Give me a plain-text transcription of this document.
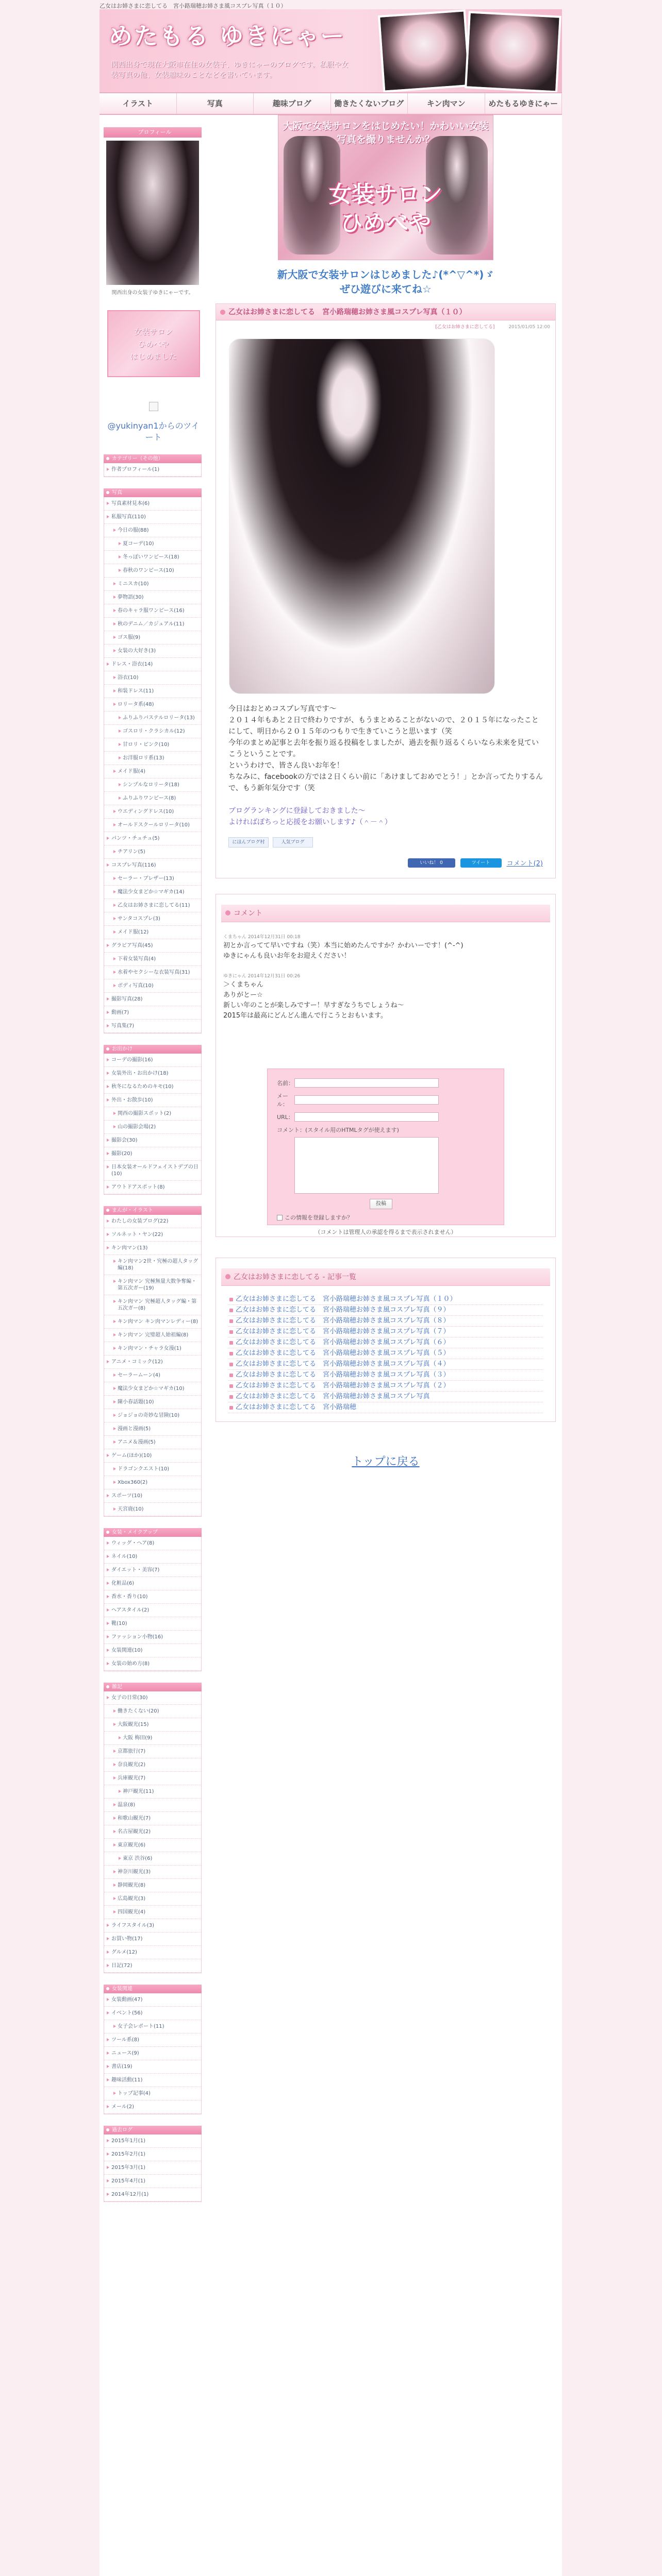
乙女はお姉さまに恋してる　宮小路瑞穂お姉さま風コスプレ写真（１０）
めたもる ゆきにゃー
関西出身で現在大阪市在住の女装子、ゆきにゃーのブログです。私服や女装写真の他、女装趣味のことなどを書いています。
イラスト	写真	趣味ブログ	働きたくないブログ	キン肉マン	めたもるゆきにゃー
プロフィール
関西出身の女装子ゆきにゃーです。
女装サロン
ひめべや
はじめました
@yukinyan1からのツイート
カテゴリー（その他）
作者プロフィール(1)
写真
写真素材見本(6)
私服写真(110)
今日の服(88)
夏コーデ(10)
冬っぽいワンピース(18)
春秋のワンピース(10)
ミニスカ(10)
夢物語(30)
春のキャラ服ワンピース(16)
秋のデニム／カジュアル(11)
ゴス服(9)
女装の大好き(3)
ドレス・浴衣(14)
浴衣(10)
和装ドレス(11)
ロリータ系(48)
ふりふりパステルロリータ(13)
ゴスロリ・クラシカル(12)
甘ロリ・ピンク(10)
お洋服ロリ系(13)
メイド服(4)
シンプルなロリータ(18)
ふりふりワンピース(8)
ウエディングドレス(10)
オールドスクールロリータ(10)
パンツ・チュチュ(5)
チアリン(5)
コスプレ写真(116)
セーラー・ブレザー(13)
魔法少女まどか☆マギカ(14)
乙女はお姉さまに恋してる(11)
サンタコスプレ(3)
メイド服(12)
グラビア写真(45)
下着女装写真(4)
水着やセクシーな衣装写真(31)
ボディ写真(10)
撮影写真(28)
動画(7)
写真集(7)
お出かけ
コーデの撮影(16)
女装外出・お出かけ(18)
秋冬になるためのキモ(10)
外出・お散歩(10)
関西の撮影スポット(2)
山の撮影会場(2)
撮影会(30)
撮影(20)
日本女装オールドフェイストデブの日(10)
アウトドアスポット(8)
まんが・イラスト
わたしの女装ブログ(22)
ソルネット・ヤン(22)
キン肉マン(13)
キン肉マン2世・究極の超人タッグ編(18)
キン肉マン 究極無量大数争奪編・第五次ガー(19)
キン肉マン 究極超人タッグ編・第五次ガー(8)
キン肉マン キン肉マンレディー(8)
キン肉マン 完璧超人始祖編(8)
キン肉マン・チャラ女漫(1)
アニメ・コミック(12)
セーラームーン(4)
魔法少女まどか☆マギカ(10)
陳小春話題(10)
ジョジョの奇妙な冒険(10)
漫画と漫画(5)
アニメ＆漫画(5)
ゲーム(ほか)(10)
ドラゴンクエスト(10)
Xbox360(2)
スポーツ(10)
天宮鹿(10)
女装・メイクアップ
ウィッグ・ヘア(8)
ネイル(10)
ダイエット・美容(7)
化粧品(6)
香水・香り(10)
ヘアスタイル(2)
靴(10)
ファッション小物(16)
女装関連(10)
女装の始め方(8)
雑記
女子の日常(30)
働きたくない(20)
大阪観光(15)
大阪 梅田(9)
京都旅行(7)
奈良観光(2)
兵庫観光(7)
神戸観光(11)
温泉(8)
和歌山観光(7)
名古屋観光(2)
東京観光(6)
東京 渋谷(6)
神奈川観光(3)
静岡観光(8)
広島観光(3)
四国観光(4)
ライフスタイル(3)
お買い物(17)
グルメ(12)
日記(72)
女装関連
女装動画(47)
イベント(56)
女子会レポート(11)
ツール系(8)
ニュース(9)
書店(19)
趣味活動(11)
トップ記事(4)
メール(2)
過去ログ
2015年1月(1)
2015年2月(1)
2015年3月(1)
2015年4月(1)
2014年12月(1)
大阪で女装サロンをはじめたい！かわいい女装写真を撮りませんか？
女装サロン
ひめべや
新大阪で女装サロンはじめました♪(*^▽^*)ゞ
ぜひ遊びに来てね☆
乙女はお姉さまに恋してる　宮小路瑞穂お姉さま風コスプレ写真（１０）
[乙女はお姉さまに恋してる]	2015/01/05 12:00

今日はおとめコスプレ写真です～

２０１４年もあと２日で終わりですが、もうまとめることがないので、２０１５年になったことにして、明日から２０１５年のつもりで生きていこうと思います（笑

今年のまとめ記事と去年を振り返る投稿をしましたが、過去を振り返るくらいなら未来を見ていこうということです。

というわけで、皆さん良いお年を！

ちなみに、facebookの方では２日くらい前に「あけましておめでとう！」とか言ってたりするんで、もう新年気分です（笑

ブログランキングに登録しておきました～

よければぽちっと応援をお願いします♪（＾－＾）

にほんブログ村	人気ブログ
いいね！ 0	ツイート	コメント(2)
コメント
くまちゃん 2014年12月31日 00:18
初とか言ってて早いですね（笑）本当に始めたんですか？かわいーです！(^-^)
ゆきにゃんも良いお年をお迎えください！
ゆきにゃん 2014年12月31日 00:26
＞くまちゃん
ありがとー☆
新しい年のことが楽しみですー！早すぎなうちでしょうね～
2015年は最高にどんどん進んで行こうとおもいます。
名前：
メール：
URL：
コメント：(スタイル用のHTMLタグが使えます)
投稿
この情報を登録しますか？
（コメントは管理人の承認を得るまで表示されません）
乙女はお姉さまに恋してる - 記事一覧
乙女はお姉さまに恋してる　宮小路瑞穂お姉さま風コスプレ写真（１０）
乙女はお姉さまに恋してる　宮小路瑞穂お姉さま風コスプレ写真（９）
乙女はお姉さまに恋してる　宮小路瑞穂お姉さま風コスプレ写真（８）
乙女はお姉さまに恋してる　宮小路瑞穂お姉さま風コスプレ写真（７）
乙女はお姉さまに恋してる　宮小路瑞穂お姉さま風コスプレ写真（６）
乙女はお姉さまに恋してる　宮小路瑞穂お姉さま風コスプレ写真（５）
乙女はお姉さまに恋してる　宮小路瑞穂お姉さま風コスプレ写真（４）
乙女はお姉さまに恋してる　宮小路瑞穂お姉さま風コスプレ写真（３）
乙女はお姉さまに恋してる　宮小路瑞穂お姉さま風コスプレ写真（２）
乙女はお姉さまに恋してる　宮小路瑞穂お姉さま風コスプレ写真
乙女はお姉さまに恋してる　宮小路瑞穂
トップに戻る
